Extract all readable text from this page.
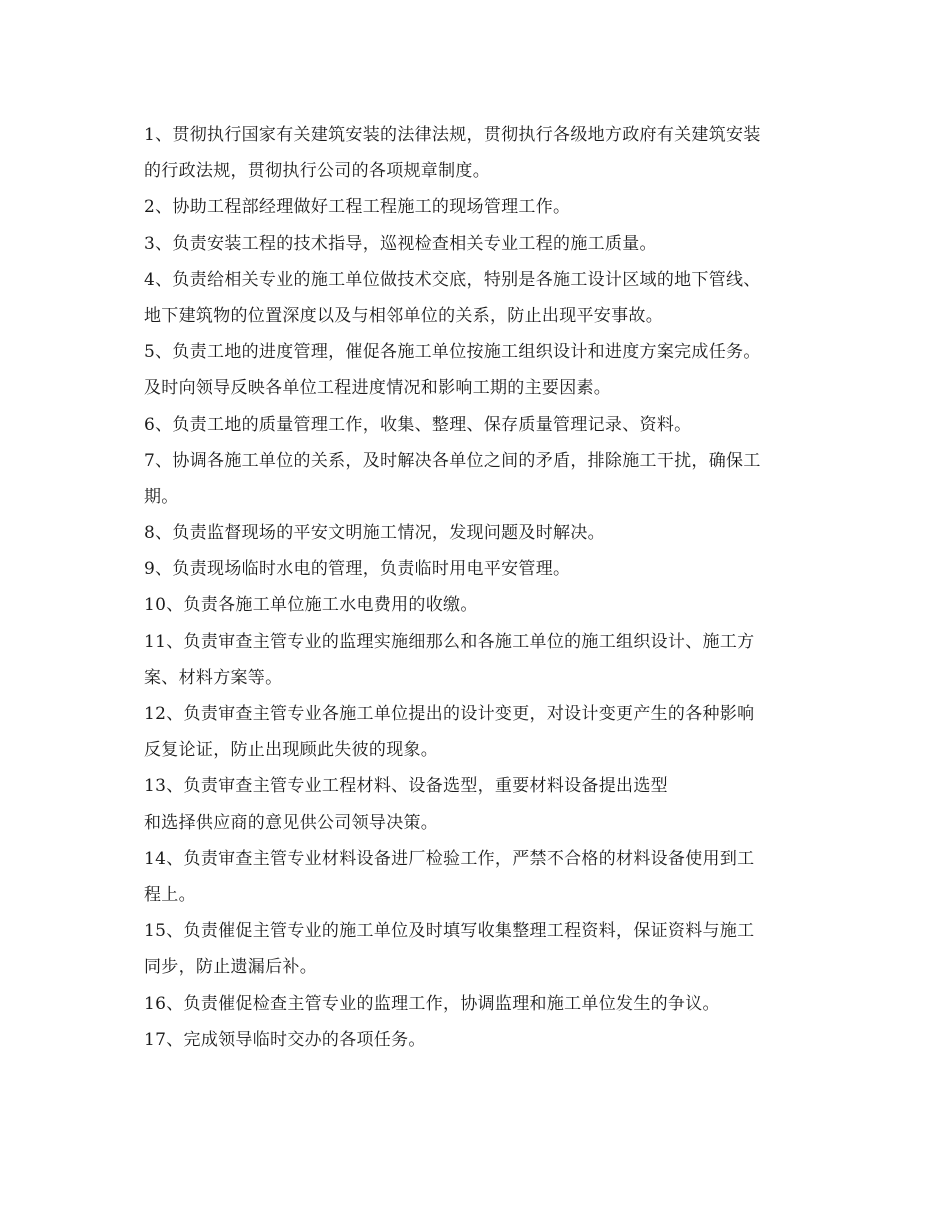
1、贯彻执行国家有关建筑安装的法律法规，贯彻执行各级地方政府有关建筑安装
的行政法规，贯彻执行公司的各项规章制度。
2、协助工程部经理做好工程工程施工的现场管理工作。
3、负责安装工程的技术指导，巡视检查相关专业工程的施工质量。
4、负责给相关专业的施工单位做技术交底，特别是各施工设计区域的地下管线、
地下建筑物的位置深度以及与相邻单位的关系，防止出现平安事故。
5、负责工地的进度管理，催促各施工单位按施工组织设计和进度方案完成任务。
及时向领导反映各单位工程进度情况和影响工期的主要因素。
6、负责工地的质量管理工作，收集、整理、保存质量管理记录、资料。
7、协调各施工单位的关系，及时解决各单位之间的矛盾，排除施工干扰，确保工
期。
8、负责监督现场的平安文明施工情况，发现问题及时解决。
9、负责现场临时水电的管理，负责临时用电平安管理。
10、负责各施工单位施工水电费用的收缴。
11、负责审查主管专业的监理实施细那么和各施工单位的施工组织设计、施工方
案、材料方案等。
12、负责审查主管专业各施工单位提出的设计变更，对设计变更产生的各种影响
反复论证，防止出现顾此失彼的现象。
13、负责审查主管专业工程材料、设备选型，重要材料设备提出选型
和选择供应商的意见供公司领导决策。
14、负责审查主管专业材料设备进厂检验工作，严禁不合格的材料设备使用到工
程上。
15、负责催促主管专业的施工单位及时填写收集整理工程资料，保证资料与施工
同步，防止遗漏后补。
16、负责催促检查主管专业的监理工作，协调监理和施工单位发生的争议。
17、完成领导临时交办的各项任务。
